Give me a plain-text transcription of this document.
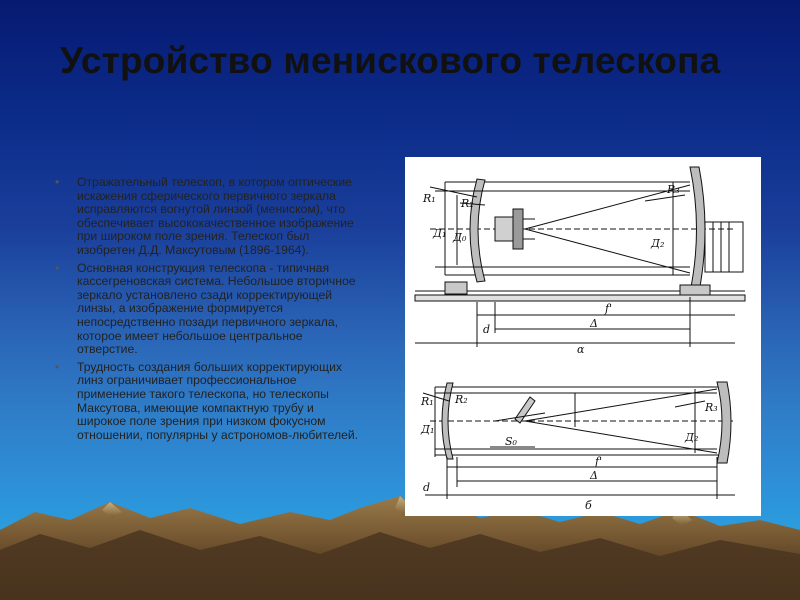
Устройство менискового телескопа
• Отражательный телескоп, в котором оптические искажения сферического первичного зеркала исправляются вогнутой линзой (мениском), что обеспечивает высококачественное изображение при широком поле зрения. Телескоп был изобретен Д.Д. Максутовым (1896-1964).
• Основная конструкция телескопа - типичная кассегреновская система. Небольшое вторичное зеркало установлено сзади корректирующей линзы, а изображение формируется непосредственно позади первичного зеркала, которое имеет небольшое центральное отверстие.
• Трудность создания больших корректирующих линз ограничивает профессиональное применение такого телескопа, но телескопы Максутова, имеющие компактную трубу и широкое поле зрения при низком фокусном отношении, популярны у астрономов-любителей.
R₁ R₂
R₃
Д₁ Д₀	Д₂
f'
d	Δ
α
R₁ R₂
R₃
Д₁
Д₂
S₀
f'
d
Δ
б
